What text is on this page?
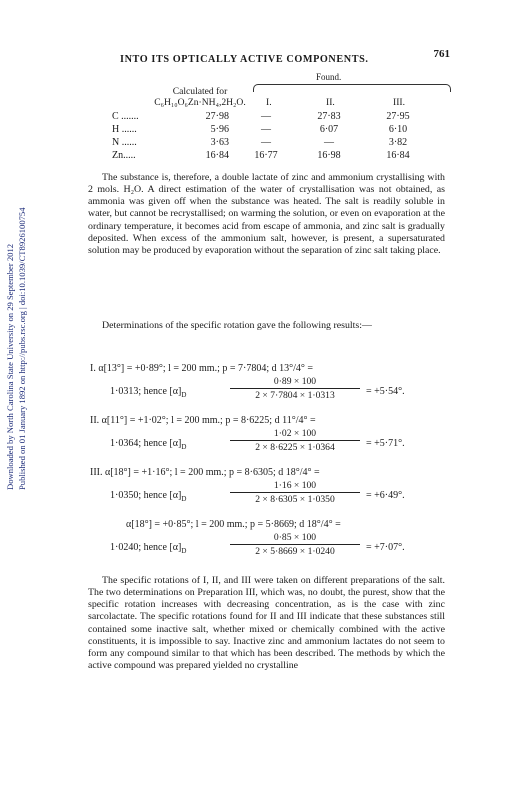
Downloaded by North Carolina State University on 29 September 2012 Published on 01 January 1892 on http://pubs.rsc.org | doi:10.1039/CT8926100754
INTO ITS OPTICALLY ACTIVE COMPONENTS.	761
Found.
Calculated for
C₆H₁₀O₆Zn·NH₄,2H₂O.	I.	II.	III.
C .......	27·98	—	27·83	27·95
H ......	5·96	—	6·07	6·10
N ......	3·63	—	—	3·82
Zn.....	16·84	16·77	16·98	16·84

The substance is, therefore, a double lactate of zinc and ammonium crystallising with 2 mols. H₂O. A direct estimation of the water of crystallisation was not obtained, as ammonia was given off when the substance was heated. The salt is readily soluble in water, but cannot be recrystallised; on warming the solution, or even on evaporation at the ordinary temperature, it becomes acid from escape of ammonia, and zinc salt is gradually deposited. When excess of the ammonium salt, however, is present, a supersaturated solution may be produced by evaporation without the separation of zinc salt taking place.

Determinations of the specific rotation gave the following results:—

I. α[13°] = +0·89°; l = 200 mm.; p = 7·7804; d 13°/4° =
1·0313; hence $[\alpha]_D$
0·89 × 100
2 × 7·7804 × 1·0313	= +5·54°.
II. α[11°] = +1·02°; l = 200 mm.; p = 8·6225; d 11°/4° =
1·0364; hence $[\alpha]_D$
1·02 × 100
2 × 8·6225 × 1·0364	= +5·71°.
III. α[18°] = +1·16°; l = 200 mm.; p = 8·6305; d 18°/4° =
1·0350; hence $[\alpha]_D$
1·16 × 100
2 × 8·6305 × 1·0350	= +6·49°.
α[18°] = +0·85°; l = 200 mm.; p = 5·8669; d 18°/4° =
1·0240; hence $[\alpha]_D$
0·85 × 100
2 × 5·8669 × 1·0240	= +7·07°.

The specific rotations of I, II, and III were taken on different preparations of the salt. The two determinations on Preparation III, which was, no doubt, the purest, show that the specific rotation increases with decreasing concentration, as is the case with zinc sarcolactate. The specific rotations found for II and III indicate that these substances still contained some inactive salt, whether mixed or chemically combined with the active constituents, it is impossible to say. Inactive zinc and ammonium lactates do not seem to form any compound similar to that which has been described. The methods by which the active compound was prepared yielded no crystalline
